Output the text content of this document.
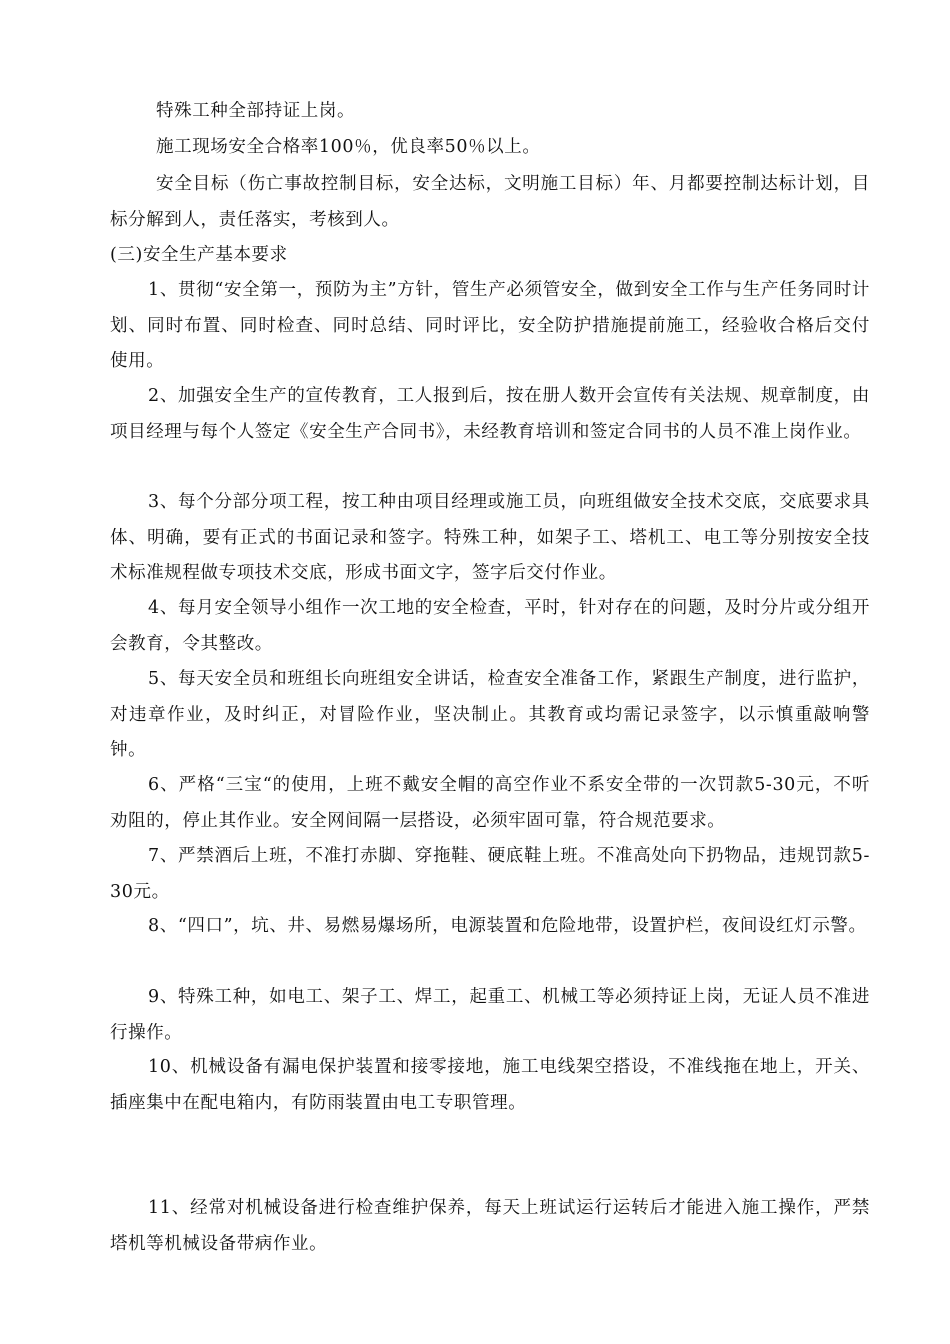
特殊工种全部持证上岗。

施工现场安全合格率100％，优良率50％以上。

安全目标（伤亡事故控制目标，安全达标，文明施工目标）年、月都要控制达标计划，目标分解到人，责任落实，考核到人。

(三)安全生产基本要求

1、贯彻“安全第一，预防为主”方针，管生产必须管安全，做到安全工作与生产任务同时计划、同时布置、同时检查、同时总结、同时评比，安全防护措施提前施工，经验收合格后交付使用。

2、加强安全生产的宣传教育，工人报到后，按在册人数开会宣传有关法规、规章制度，由项目经理与每个人签定《安全生产合同书》，未经教育培训和签定合同书的人员不准上岗作业。

3、每个分部分项工程，按工种由项目经理或施工员，向班组做安全技术交底，交底要求具体、明确，要有正式的书面记录和签字。特殊工种，如架子工、塔机工、电工等分别按安全技术标准规程做专项技术交底，形成书面文字，签字后交付作业。

4、每月安全领导小组作一次工地的安全检查，平时，针对存在的问题，及时分片或分组开会教育，令其整改。

5、每天安全员和班组长向班组安全讲话，检查安全准备工作，紧跟生产制度，进行监护，对违章作业，及时纠正，对冒险作业，坚决制止。其教育或均需记录签字，以示慎重敲响警钟。

6、严格“三宝“的使用，上班不戴安全帽的高空作业不系安全带的一次罚款5-30元，不听劝阻的，停止其作业。安全网间隔一层搭设，必须牢固可靠，符合规范要求。

7、严禁酒后上班，不准打赤脚、穿拖鞋、硬底鞋上班。不准高处向下扔物品，违规罚款5-30元。

8、“四口”，坑、井、易燃易爆场所，电源装置和危险地带，设置护栏，夜间设红灯示警。

9、特殊工种，如电工、架子工、焊工，起重工、机械工等必须持证上岗，无证人员不准进行操作。

10、机械设备有漏电保护装置和接零接地，施工电线架空搭设，不准线拖在地上，开关、插座集中在配电箱内，有防雨装置由电工专职管理。

11、经常对机械设备进行检查维护保养，每天上班试运行运转后才能进入施工操作，严禁塔机等机械设备带病作业。
